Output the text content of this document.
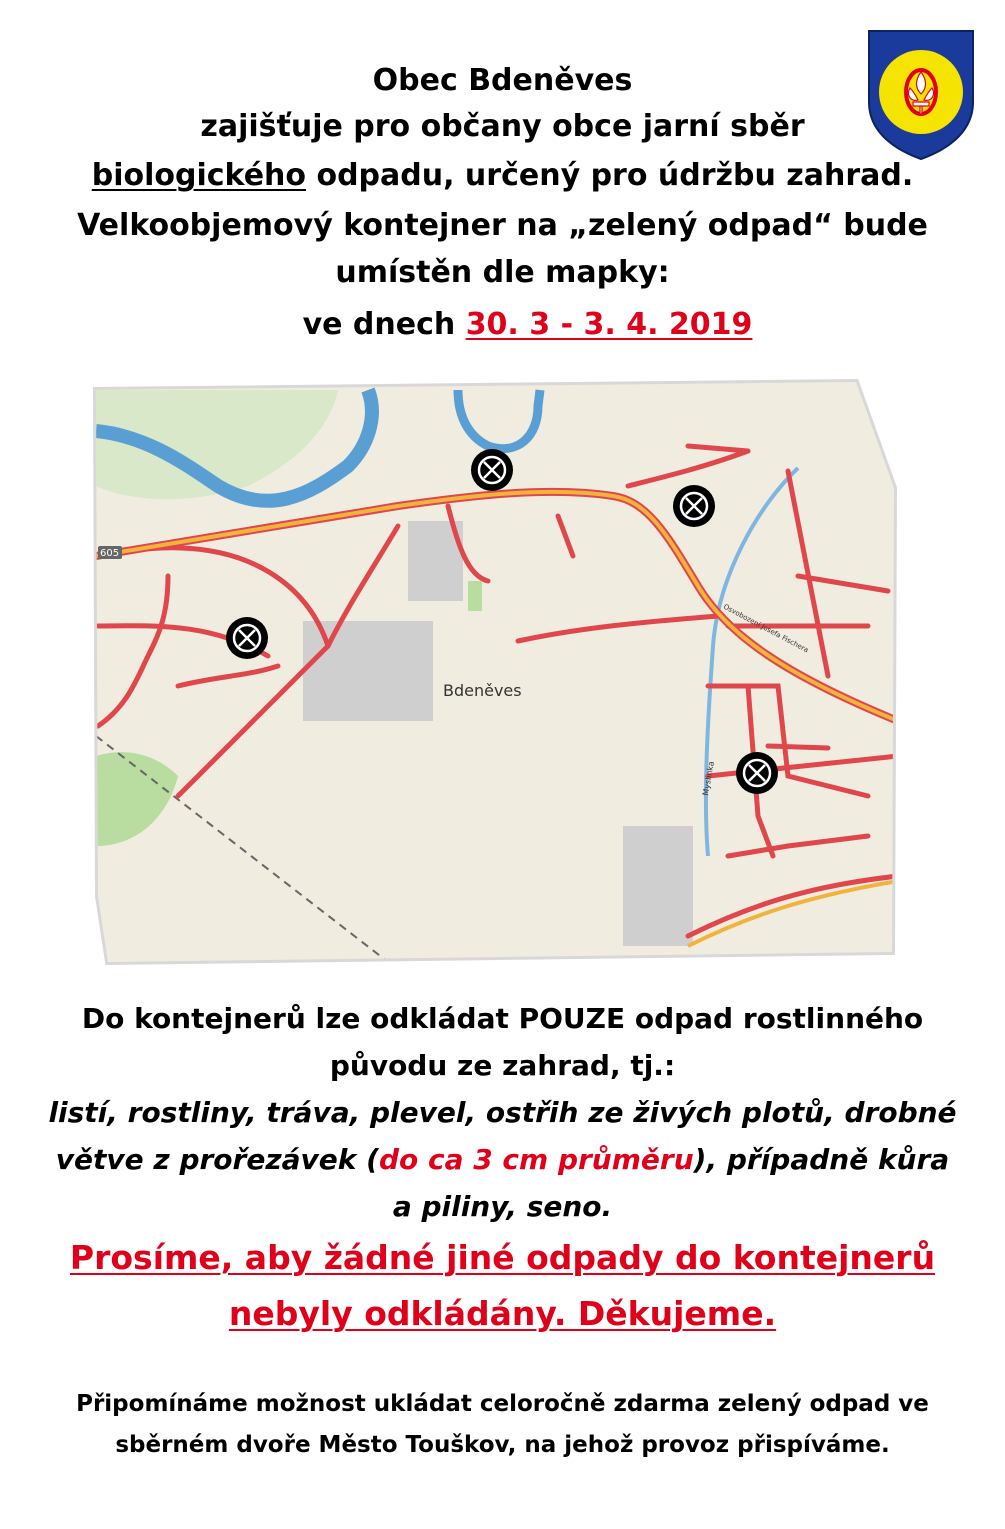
Obec Bdeněves
zajišťuje pro občany obce jarní sběr
biologického odpadu, určený pro údržbu zahrad.
Velkoobjemový kontejner na „zelený odpad“ bude
umístěn dle mapky:
ve dnech 30. 3 - 3. 4. 2019
605
Bdeněves
Myslinka
Osvobození Josefa Fischera
Do kontejnerů lze odkládat POUZE odpad rostlinného
původu ze zahrad, tj.:
listí, rostliny, tráva, plevel, ostřih ze živých plotů, drobné
větve z prořezávek (do ca 3 cm průměru), případně kůra
a piliny, seno.
Prosíme, aby žádné jiné odpady do kontejnerů
nebyly odkládány. Děkujeme.
Připomínáme možnost ukládat celoročně zdarma zelený odpad ve
sběrném dvoře Město Touškov, na jehož provoz přispíváme.
